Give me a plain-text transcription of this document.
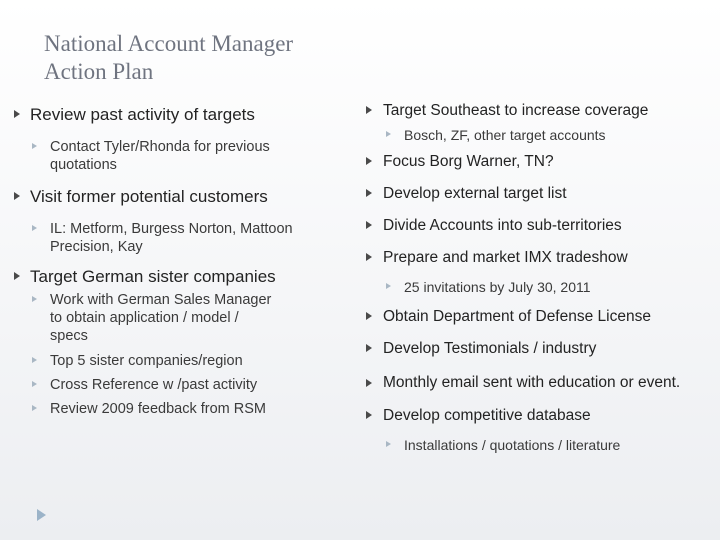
National Account Manager
Action Plan
Review past activity of targets
Contact Tyler/Rhonda for previous quotations
Visit former potential customers
IL: Metform, Burgess Norton, Mattoon Precision, Kay
Target German sister companies
Work with German Sales Manager to obtain application / model / specs
Top 5 sister companies/region
Cross Reference w /past activity
Review 2009 feedback from RSM
Target Southeast to increase coverage
Bosch, ZF, other target accounts
Focus Borg Warner, TN?
Develop external target list
Divide Accounts into sub-territories
Prepare and market IMX tradeshow
25 invitations by July 30, 2011
Obtain Department of Defense License
Develop Testimonials / industry
Monthly email sent with education or event.
Develop competitive database
Installations / quotations / literature
